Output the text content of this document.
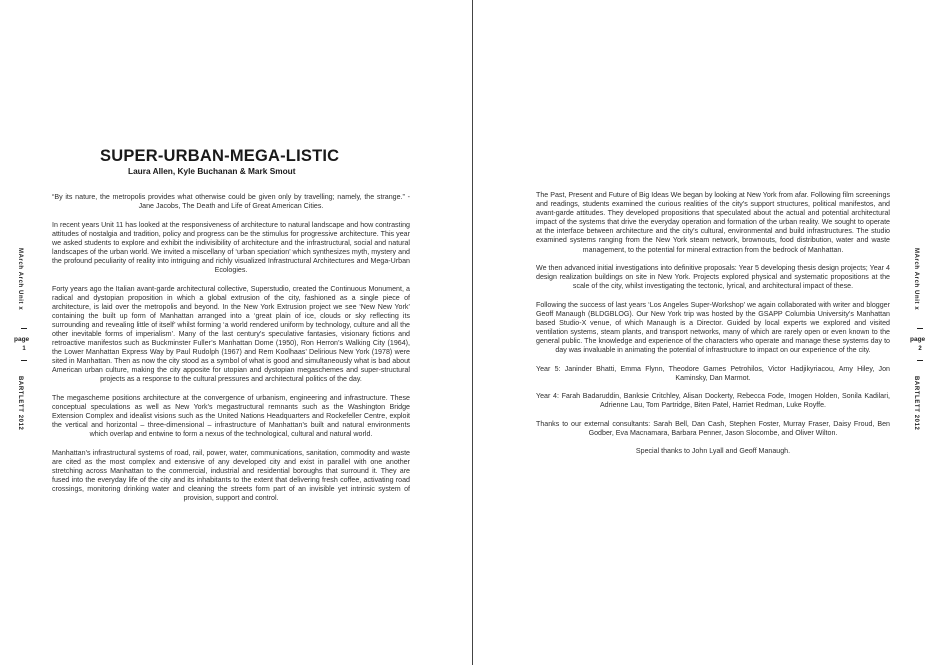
MArch Arch Unit x
page
1
BARTLETT 2012
SUPER-URBAN-MEGA-LISTIC
Laura Allen, Kyle Buchanan & Mark Smout

“By its nature, the metropolis provides what otherwise could be given only by travelling; namely, the strange.” - Jane Jacobs, The Death and Life of Great American Cities.

In recent years Unit 11 has looked at the responsiveness of architecture to natural landscape and how contrasting attitudes of nostalgia and tradition, policy and progress can be the stimulus for progressive architecture. This year we asked students to explore and exhibit the indivisibility of architecture and the infrastructural, social and natural landscapes of the urban world. We invited a miscellany of ‘urban speciation’ which synthesizes myth, mystery and the profound peculiarity of reality into intriguing and richly visualized Infrastructural Architectures and Mega-Urban Ecologies.

Forty years ago the Italian avant-garde architectural collective, Superstudio, created the Continuous Monument, a radical and dystopian proposition in which a global extrusion of the city, fashioned as a single piece of architecture, is laid over the metropolis and beyond. In the New York Extrusion project we see ‘New New York’ containing the built up form of Manhattan arranged into a ‘great plain of ice, clouds or sky reflecting its surrounding and revealing little of itself’ whilst forming ‘a world rendered uniform by technology, culture and all the other inevitable forms of imperialism’. Many of the last century’s speculative fantasies, visionary fictions and retroactive manifestos such as Buckminster Fuller’s Manhattan Dome (1950), Ron Herron’s Walking City (1964), the Lower Manhattan Express Way by Paul Rudolph (1967) and Rem Koolhaas’ Delirious New York (1978) were sited in Manhattan. Then as now the city stood as a symbol of what is good and simultaneously what is bad about American urban culture, making the city apposite for utopian and dystopian megaschemes and super-structural projects as a response to the cultural pressures and architectural politics of the day.

The megascheme positions architecture at the convergence of urbanism, engineering and infrastructure. These conceptual speculations as well as New York’s megastructural remnants such as the Washington Bridge Extension Complex and idealist visions such as the United Nations Headquarters and Rockefeller Centre, exploit the vertical and horizontal – three-dimensional – infrastructure of Manhattan’s built and natural environments which overlap and entwine to form a nexus of the technological, cultural and natural world.

Manhattan’s infrastructural systems of road, rail, power, water, communications, sanitation, commodity and waste are cited as the most complex and extensive of any developed city and exist in parallel with one another stretching across Manhattan to the commercial, industrial and residential boroughs that surround it. They are fused into the everyday life of the city and its inhabitants to the extent that delivering fresh coffee, activating road crossings, monitoring drinking water and cleaning the streets form part of an invisible yet intrinsic system of provision, support and control.

The Past, Present and Future of Big Ideas We began by looking at New York from afar. Following film screenings and readings, students examined the curious realities of the city’s support structures, political manifestos, and avant-garde attitudes. They developed propositions that speculated about the actual and potential architectural impact of the systems that drive the everyday operation and formation of the urban reality. We sought to operate at the interface between architecture and the city’s cultural, environmental and build infrastructures. The studio examined systems ranging from the New York steam network, brownouts, food distribution, water and waste management, to the potential for mineral extraction from the bedrock of Manhattan.

We then advanced initial investigations into definitive proposals: Year 5 developing thesis design projects; Year 4 design realization buildings on site in New York. Projects explored physical and systematic propositions at the scale of the city, whilst investigating the tectonic, lyrical, and architectural impact of these.

Following the success of last years ‘Los Angeles Super-Workshop’ we again collaborated with writer and blogger Geoff Manaugh (BLDGBLOG). Our New York trip was hosted by the GSAPP Columbia University’s Manhattan based Studio-X venue, of which Manaugh is a Director. Guided by local experts we explored and visited ventilation systems, steam plants, and transport networks, many of which are rarely open or even known to the general public. The knowledge and experience of the characters who operate and manage these systems day to day was invaluable in animating the potential of infrastructure to impact on our experience of the city.

Year 5: Janinder Bhatti, Emma Flynn, Theodore Games Petrohilos, Victor Hadjikyriacou, Amy Hiley, Jon Kaminsky, Dan Marmot.

Year 4: Farah Badaruddin, Banksie Critchley, Alisan Dockerty, Rebecca Fode, Imogen Holden, Sonila Kadilari, Adrienne Lau, Tom Partridge, Biten Patel, Harriet Redman, Luke Royffe.

Thanks to our external consultants: Sarah Bell, Dan Cash, Stephen Foster, Murray Fraser, Daisy Froud, Ben Godber, Eva Macnamara, Barbara Penner, Jason Slocombe, and Oliver Wilton.

Special thanks to John Lyall and Geoff Manaugh.

MArch Arch Unit x
page
2
BARTLETT 2012
